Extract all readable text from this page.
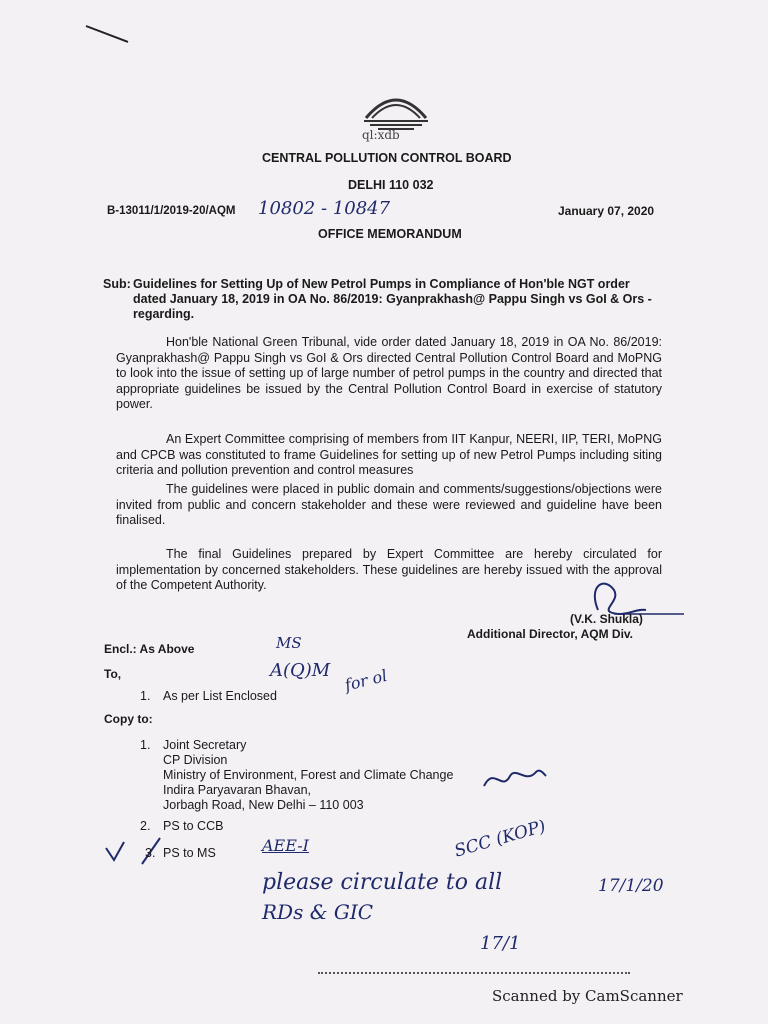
ql:xdb
CENTRAL POLLUTION CONTROL BOARD
DELHI 110 032
B-13011/1/2019-20/AQM 10802 - 10847	January 07, 2020
OFFICE MEMORANDUM
Sub: Guidelines for Setting Up of New Petrol Pumps in Compliance of Hon'ble NGT order dated January 18, 2019 in OA No. 86/2019: Gyanprakhash@ Pappu Singh vs GoI & Ors -regarding.

Hon'ble National Green Tribunal, vide order dated January 18, 2019 in OA No. 86/2019: Gyanprakhash@ Pappu Singh vs GoI & Ors directed Central Pollution Control Board and MoPNG to look into the issue of setting up of large number of petrol pumps in the country and directed that appropriate guidelines be issued by the Central Pollution Control Board in exercise of statutory power.

An Expert Committee comprising of members from IIT Kanpur, NEERI, IIP, TERI, MoPNG and CPCB was constituted to frame Guidelines for setting up of new Petrol Pumps including siting criteria and pollution prevention and control measures

The guidelines were placed in public domain and comments/suggestions/objections were invited from public and concern stakeholder and these were reviewed and guideline have been finalised.

The final Guidelines prepared by Expert Committee are hereby circulated for implementation by concerned stakeholders. These guidelines are hereby issued with the approval of the Competent Authority.

(V.K. Shukla)
Additional Director, AQM Div.
Encl.: As Above	MS
A(Q)M for ol
To,
1. As per List Enclosed
Copy to:
1. Joint Secretary
CP Division
Ministry of Environment, Forest and Climate Change
Indira Paryavaran Bhavan,
Jorbagh Road, New Delhi – 110 003
2. PS to CCB
3. PS to MS	AEE-I	SCC (KOP)
please circulate to all
RDs & GIC
17/1/20
17/1
Scanned by CamScanner
